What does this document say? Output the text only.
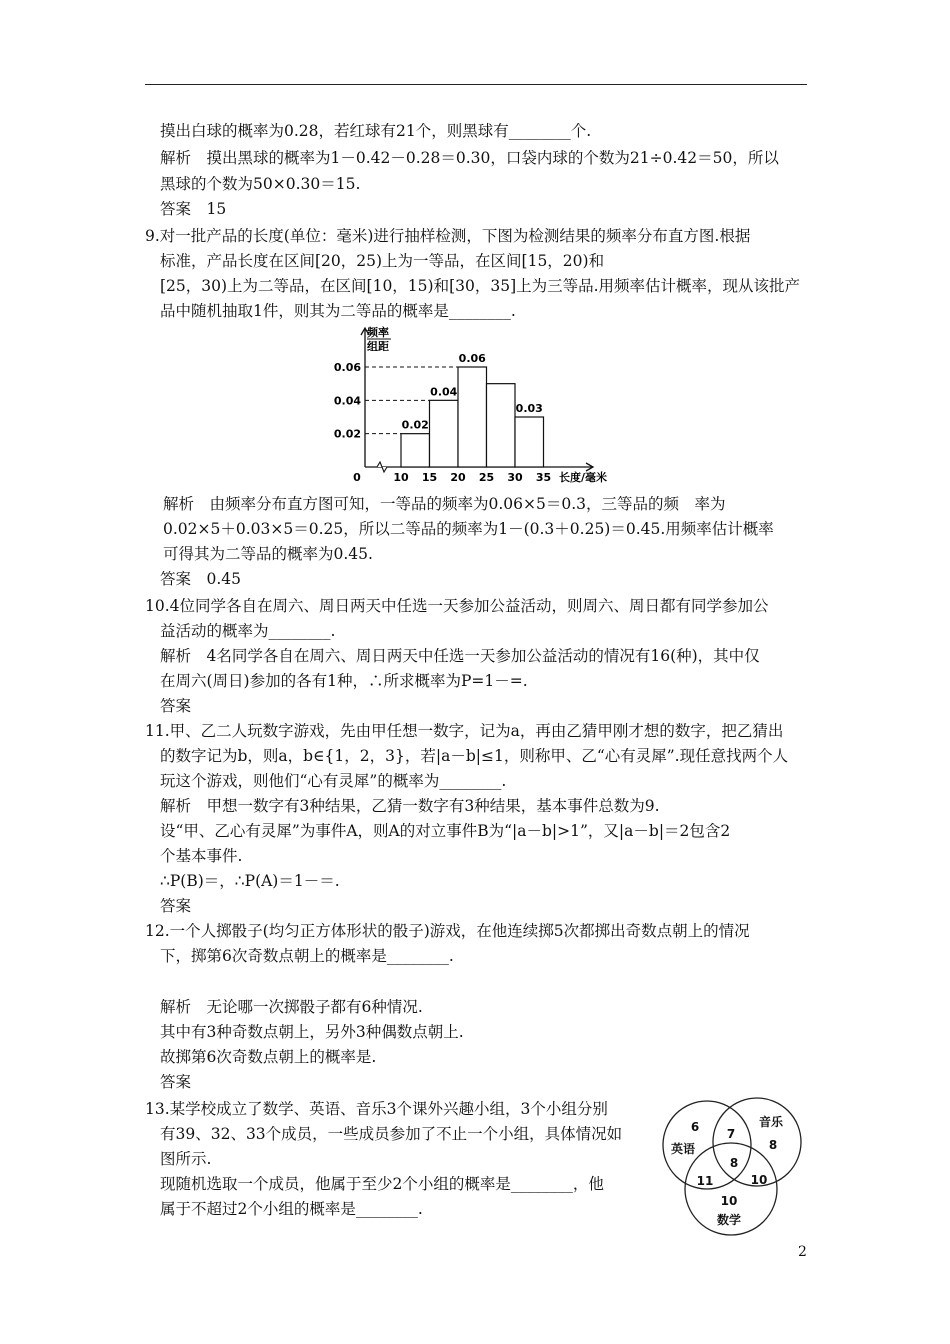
摸出白球的概率为0.28，若红球有21个，则黑球有________个.
解析　摸出黑球的概率为1－0.42－0.28＝0.30，口袋内球的个数为21÷0.42＝50，所以
黑球的个数为50×0.30＝15.
答案　15
9.对一批产品的长度(单位：毫米)进行抽样检测，下图为检测结果的频率分布直方图.根据
标准，产品长度在区间[20，25)上为一等品，在区间[15，20)和
[25，30)上为二等品，在区间[10，15)和[30，35]上为三等品.用频率估计概率，现从该批产
品中随机抽取1件，则其为二等品的概率是________.
频率
组距
0
0.02
0.04
0.06
0.03
0.02
0.04
0.06
10 15 20 25 30 35 长度/毫米
解析　由频率分布直方图可知，一等品的频率为0.06×5＝0.3，三等品的频　率为
0.02×5＋0.03×5＝0.25，所以二等品的频率为1－(0.3＋0.25)＝0.45.用频率估计概率
可得其为二等品的概率为0.45.
答案　0.45
10.4位同学各自在周六、周日两天中任选一天参加公益活动，则周六、周日都有同学参加公
益活动的概率为________.
解析　4名同学各自在周六、周日两天中任选一天参加公益活动的情况有16(种)，其中仅
在周六(周日)参加的各有1种，∴所求概率为P=1－=.
答案
11.甲、乙二人玩数字游戏，先由甲任想一数字，记为a，再由乙猜甲刚才想的数字，把乙猜出
的数字记为b，则a，b∈{1，2，3}，若|a－b|≤1，则称甲、乙“心有灵犀”.现任意找两个人
玩这个游戏，则他们“心有灵犀”的概率为________.
解析　甲想一数字有3种结果，乙猜一数字有3种结果，基本事件总数为9.
设“甲、乙心有灵犀”为事件A，则A的对立事件B为“|a－b|>1”，又|a－b|＝2包含2
个基本事件.
∴P(B)＝，∴P(A)＝1－＝.
答案
12.一个人掷骰子(均匀正方体形状的骰子)游戏，在他连续掷5次都掷出奇数点朝上的情况
下，掷第6次奇数点朝上的概率是________.
解析　无论哪一次掷骰子都有6种情况.
其中有3种奇数点朝上，另外3种偶数点朝上.
故掷第6次奇数点朝上的概率是.
答案
13.某学校成立了数学、英语、音乐3个课外兴趣小组，3个小组分别
有39、32、33个成员，一些成员参加了不止一个小组，具体情况如
图所示.
现随机选取一个成员，他属于至少2个小组的概率是________，他
属于不超过2个小组的概率是________.
6
英语
7
音乐
8
8
11	10
10
数学
2
